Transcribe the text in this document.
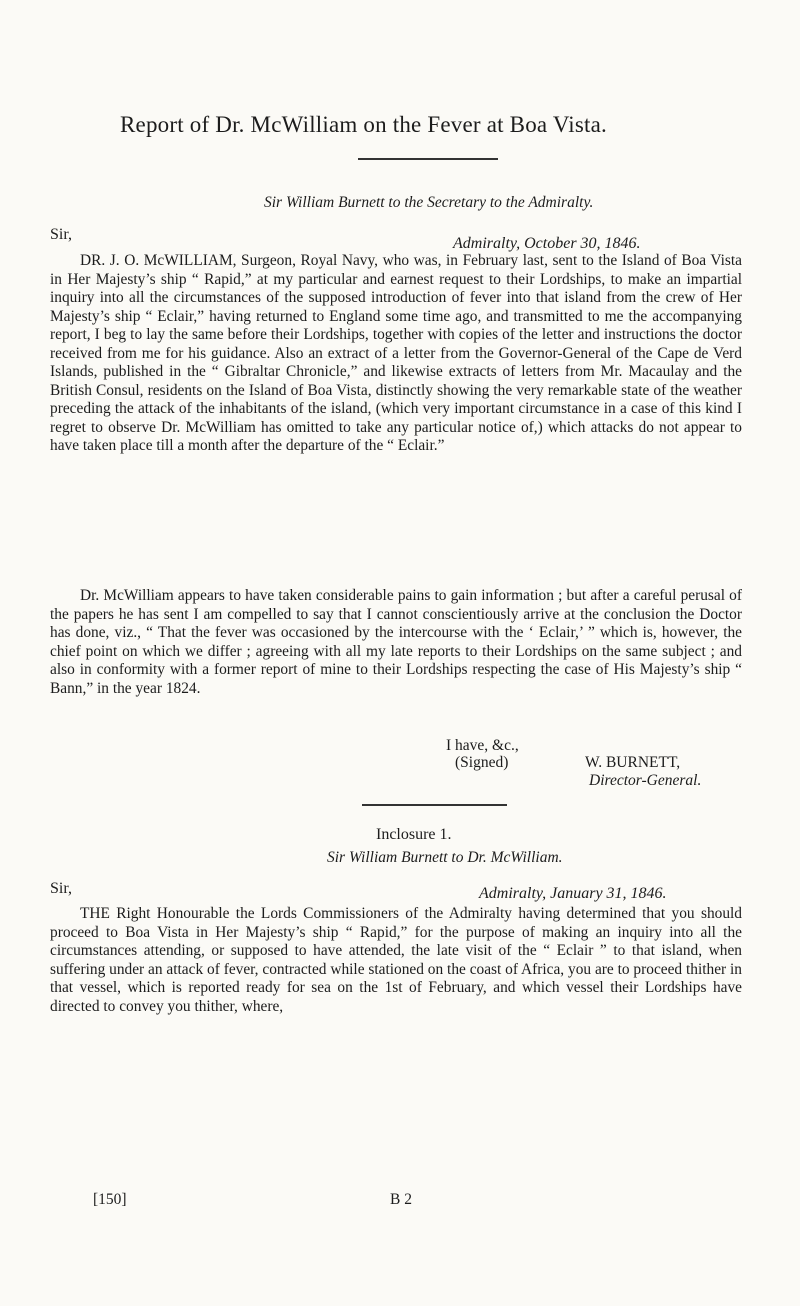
Report of Dr. McWilliam on the Fever at Boa Vista.
Sir William Burnett to the Secretary to the Admiralty.
Sir,
Admiralty, October 30, 1846.

DR. J. O. McWILLIAM, Surgeon, Royal Navy, who was, in February last, sent to the Island of Boa Vista in Her Majesty’s ship “ Rapid,” at my particular and earnest request to their Lordships, to make an impartial inquiry into all the circumstances of the supposed introduction of fever into that island from the crew of Her Majesty’s ship “ Eclair,” having returned to England some time ago, and transmitted to me the accompanying report, I beg to lay the same before their Lordships, together with copies of the letter and instructions the doctor received from me for his guidance. Also an extract of a letter from the Governor-General of the Cape de Verd Islands, published in the “ Gibraltar Chronicle,” and likewise extracts of letters from Mr. Macaulay and the British Consul, residents on the Island of Boa Vista, distinctly showing the very remarkable state of the weather preceding the attack of the inhabitants of the island, (which very important circumstance in a case of this kind I regret to observe Dr. McWilliam has omitted to take any particular notice of,) which attacks do not appear to have taken place till a month after the departure of the “ Eclair.”

Dr. McWilliam appears to have taken considerable pains to gain information ; but after a careful perusal of the papers he has sent I am compelled to say that I cannot conscientiously arrive at the conclusion the Doctor has done, viz., “ That the fever was occasioned by the intercourse with the ‘ Eclair,’ ” which is, however, the chief point on which we differ ; agreeing with all my late reports to their Lordships on the same subject ; and also in conformity with a former report of mine to their Lordships respecting the case of His Majesty’s ship “ Bann,” in the year 1824.

I have, &c.,
(Signed)	W. BURNETT,
Director-General.
Inclosure 1.
Sir William Burnett to Dr. McWilliam.
Sir,	Admiralty, January 31, 1846.

THE Right Honourable the Lords Commissioners of the Admiralty having determined that you should proceed to Boa Vista in Her Majesty’s ship “ Rapid,” for the purpose of making an inquiry into all the circumstances attending, or supposed to have attended, the late visit of the “ Eclair ” to that island, when suffering under an attack of fever, contracted while stationed on the coast of Africa, you are to proceed thither in that vessel, which is reported ready for sea on the 1st of February, and which vessel their Lordships have directed to convey you thither, where,

[150]	B 2
